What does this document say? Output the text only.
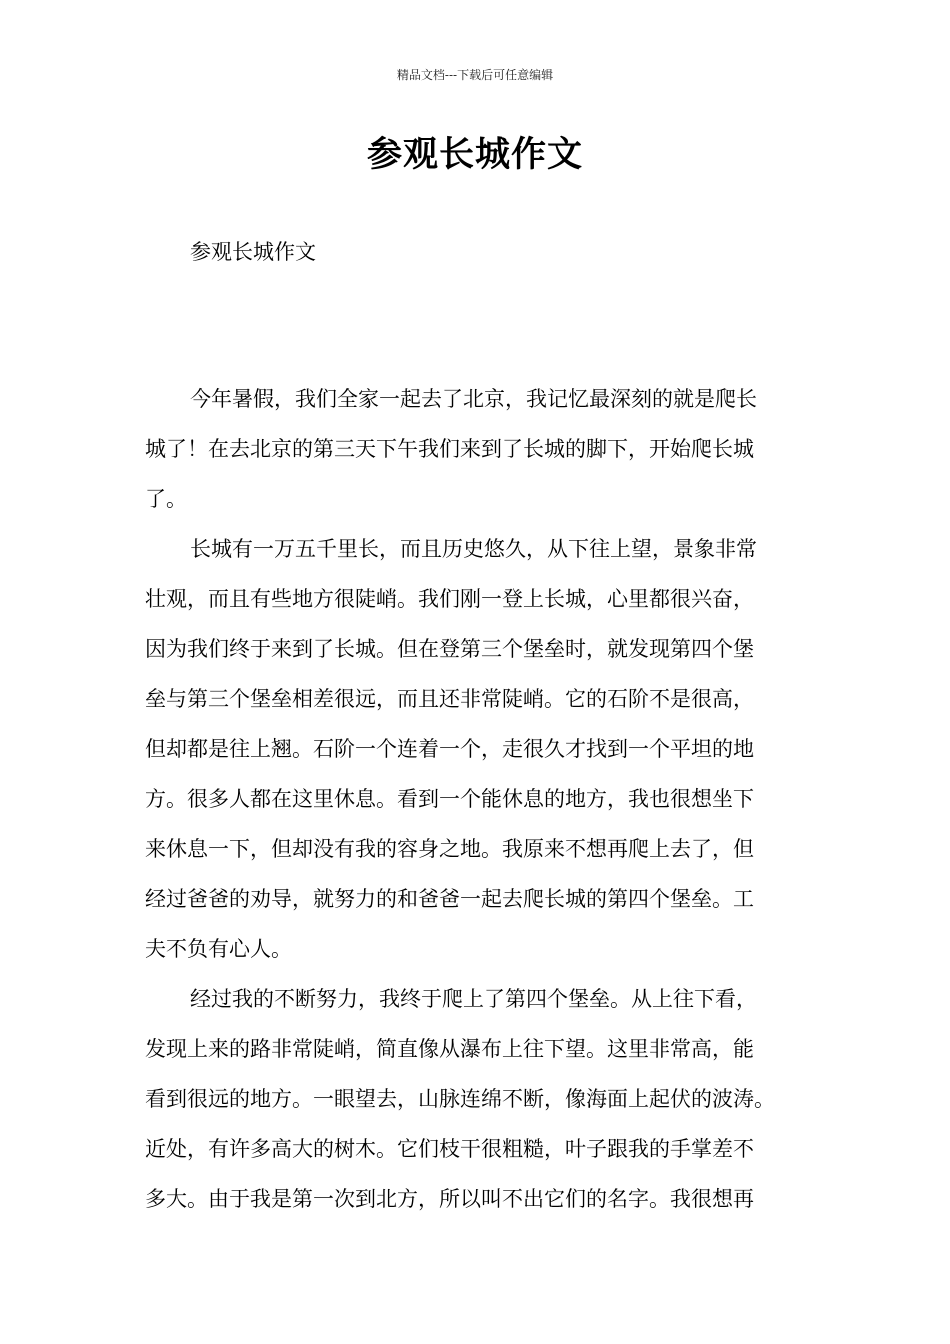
精品文档---下载后可任意编辑
参观长城作文
参观长城作文
今年暑假，我们全家一起去了北京，我记忆最深刻的就是爬长
城了！在去北京的第三天下午我们来到了长城的脚下，开始爬长城
了。
长城有一万五千里长，而且历史悠久，从下往上望，景象非常
壮观，而且有些地方很陡峭。我们刚一登上长城，心里都很兴奋，
因为我们终于来到了长城。但在登第三个堡垒时，就发现第四个堡
垒与第三个堡垒相差很远，而且还非常陡峭。它的石阶不是很高，
但却都是往上翘。石阶一个连着一个，走很久才找到一个平坦的地
方。很多人都在这里休息。看到一个能休息的地方，我也很想坐下
来休息一下，但却没有我的容身之地。我原来不想再爬上去了，但
经过爸爸的劝导，就努力的和爸爸一起去爬长城的第四个堡垒。工
夫不负有心人。
经过我的不断努力，我终于爬上了第四个堡垒。从上往下看，
发现上来的路非常陡峭，简直像从瀑布上往下望。这里非常高，能
看到很远的地方。一眼望去，山脉连绵不断，像海面上起伏的波涛。
近处，有许多高大的树木。它们枝干很粗糙，叶子跟我的手掌差不
多大。由于我是第一次到北方，所以叫不出它们的名字。我很想再
